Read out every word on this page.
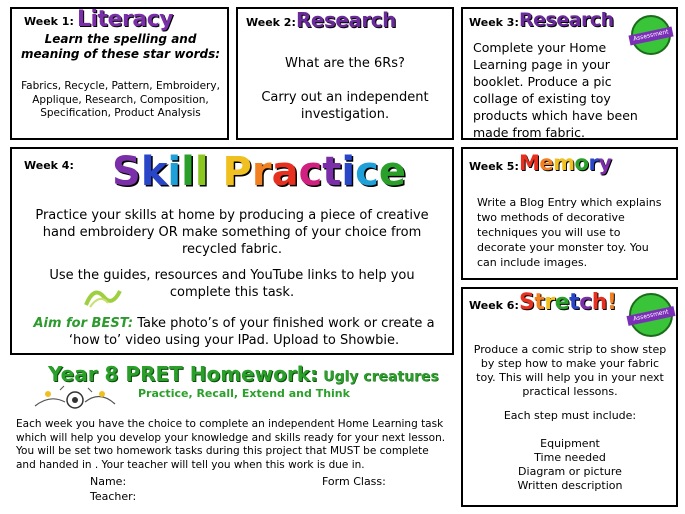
Week 1: Literacy
Learn the spelling and meaning of these star words:
Fabrics, Recycle, Pattern, Embroidery, Applique, Research, Composition, Specification, Product Analysis
Week 2: Research
What are the 6Rs?
Carry out an independent investigation.
Week 3: Research
Assessment
Complete your Home Learning page in your booklet. Produce a pic collage of existing toy products which have been made from fabric.
Week 4: Skill Practice
Practice your skills at home by producing a piece of creative hand embroidery OR make something of your choice from recycled fabric.
Use the guides, resources and YouTube links to help you complete this task.
Aim for BEST: Take photo’s of your finished work or create a ‘how to’ video using your IPad. Upload to Showbie.
Week 5: Memory
Write a Blog Entry which explains two methods of decorative techniques you will use to decorate your monster toy. You can include images.
Week 6: Stretch!
Assessment
Produce a comic strip to show step by step how to make your fabric toy. This will help you in your next practical lessons.
Each step must include:
Equipment
Time needed
Diagram or picture
Written description
Year 8 PRET Homework: Ugly creatures
Practice, Recall, Extend and Think
Each week you have the choice to complete an independent Home Learning task which will help you develop your knowledge and skills ready for your next lesson. You will be set two homework tasks during this project that MUST be complete and handed in . Your teacher will tell you when this work is due in.
Name:	Form Class:
Teacher:
